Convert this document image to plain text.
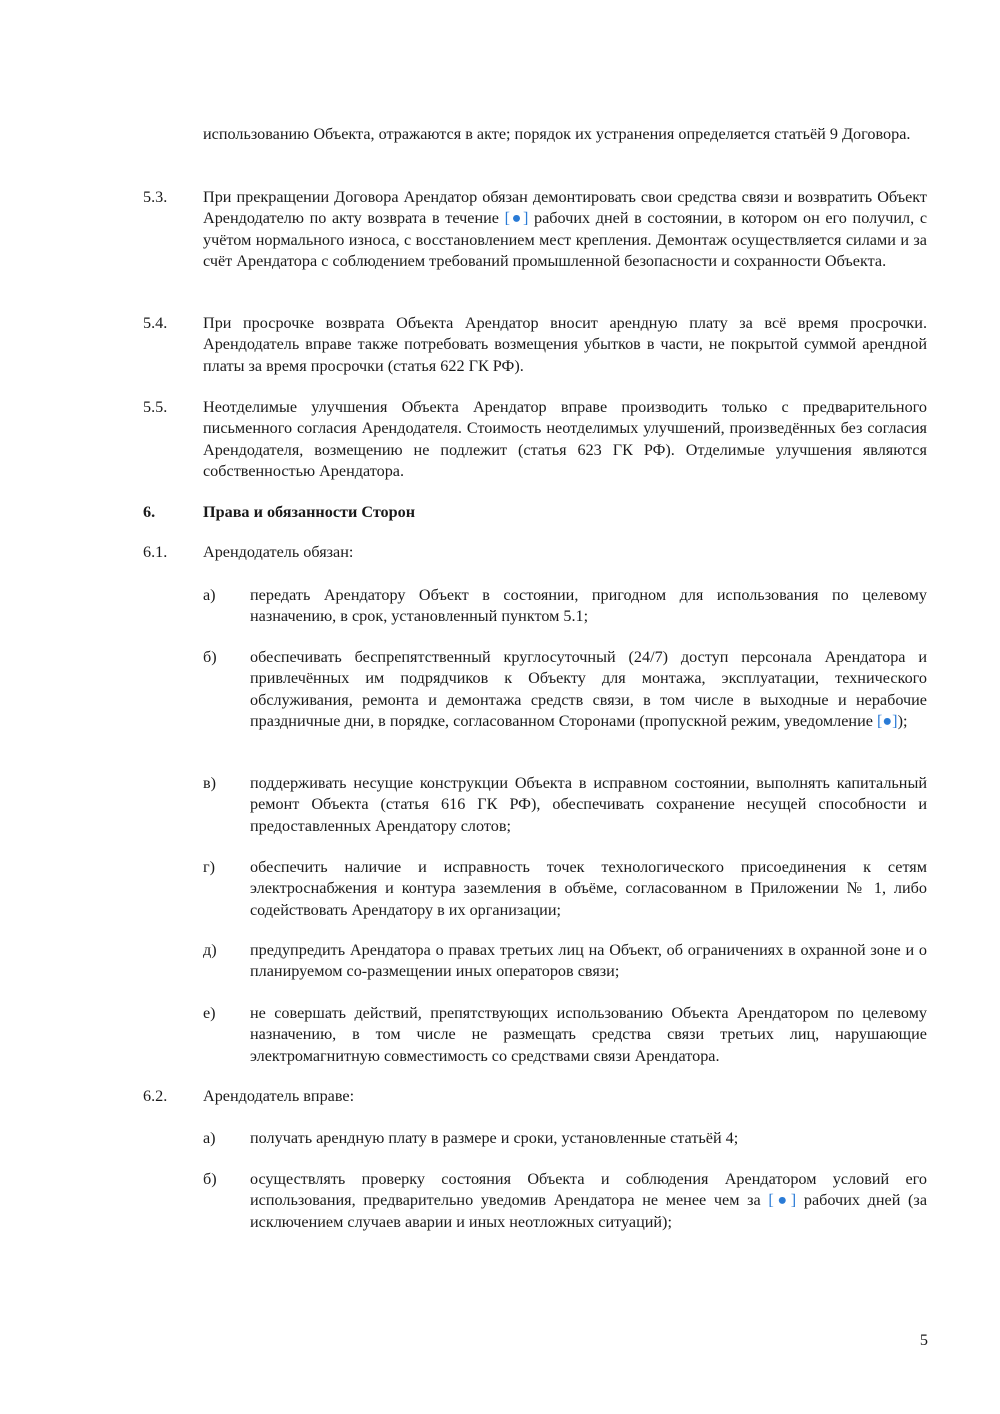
использованию Объекта, отражаются в акте; порядок их устранения определяется статьёй 9 Договора.
5.3.	При прекращении Договора Арендатор обязан демонтировать свои средства связи и возвратить Объект Арендодателю по акту возврата в течение [●] рабочих дней в состоянии, в котором он его получил, с учётом нормального износа, с восстановлением мест крепления. Демонтаж осуществляется силами и за счёт Арендатора с соблюдением требований промышленной безопасности и сохранности Объекта.
5.4.	При просрочке возврата Объекта Арендатор вносит арендную плату за всё время просрочки. Арендодатель вправе также потребовать возмещения убытков в части, не покрытой суммой арендной платы за время просрочки (статья 622 ГК РФ).
5.5.	Неотделимые улучшения Объекта Арендатор вправе производить только с предварительного письменного согласия Арендодателя. Стоимость неотделимых улучшений, произведённых без согласия Арендодателя, возмещению не подлежит (статья 623 ГК РФ). Отделимые улучшения являются собственностью Арендатора.
6.	Права и обязанности Сторон
6.1.	Арендодатель обязан:
а)	передать Арендатору Объект в состоянии, пригодном для использования по целевому назначению, в срок, установленный пунктом 5.1;
б)	обеспечивать беспрепятственный круглосуточный (24/7) доступ персонала Арендатора и привлечённых им подрядчиков к Объекту для монтажа, эксплуатации, технического обслуживания, ремонта и демонтажа средств связи, в том числе в выходные и нерабочие праздничные дни, в порядке, согласованном Сторонами (пропускной режим, уведомление [●]);
в)	поддерживать несущие конструкции Объекта в исправном состоянии, выполнять капитальный ремонт Объекта (статья 616 ГК РФ), обеспечивать сохранение несущей способности и предоставленных Арендатору слотов;
г)	обеспечить наличие и исправность точек технологического присоединения к сетям электроснабжения и контура заземления в объёме, согласованном в Приложении № 1, либо содействовать Арендатору в их организации;
д)	предупредить Арендатора о правах третьих лиц на Объект, об ограничениях в охранной зоне и о планируемом со-размещении иных операторов связи;
е)	не совершать действий, препятствующих использованию Объекта Арендатором по целевому назначению, в том числе не размещать средства связи третьих лиц, нарушающие электромагнитную совместимость со средствами связи Арендатора.
6.2.	Арендодатель вправе:
а)	получать арендную плату в размере и сроки, установленные статьёй 4;
б)	осуществлять проверку состояния Объекта и соблюдения Арендатором условий его использования, предварительно уведомив Арендатора не менее чем за [●] рабочих дней (за исключением случаев аварии и иных неотложных ситуаций);
5
